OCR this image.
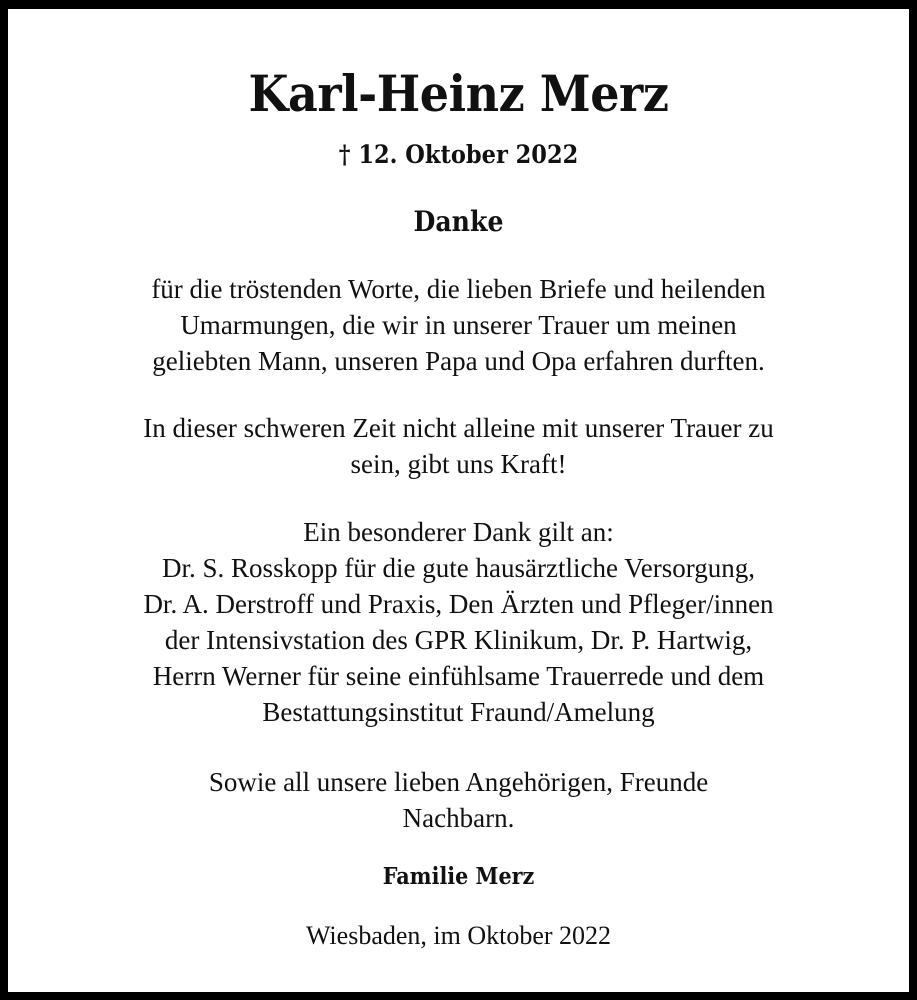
Karl-Heinz Merz
† 12. Oktober 2022
Danke
für die tröstenden Worte, die lieben Briefe und heilenden
Umarmungen, die wir in unserer Trauer um meinen
geliebten Mann, unseren Papa und Opa erfahren durften.
In dieser schweren Zeit nicht alleine mit unserer Trauer zu
sein, gibt uns Kraft!
Ein besonderer Dank gilt an:
Dr. S. Rosskopp für die gute hausärztliche Versorgung,
Dr. A. Derstroff und Praxis, Den Ärzten und Pfleger/innen
der Intensivstation des GPR Klinikum, Dr. P. Hartwig,
Herrn Werner für seine einfühlsame Trauerrede und dem
Bestattungsinstitut Fraund/Amelung
Sowie all unsere lieben Angehörigen, Freunde
Nachbarn.
Familie Merz
Wiesbaden, im Oktober 2022
